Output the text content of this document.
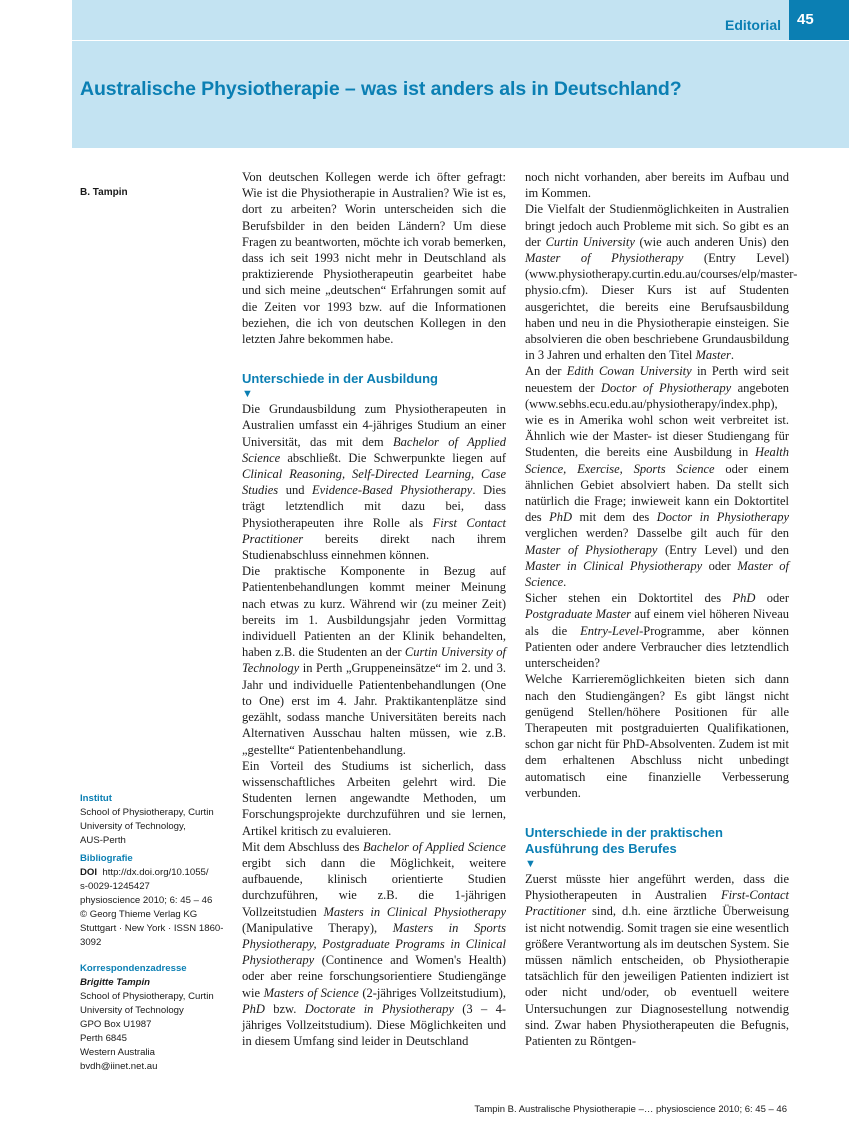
Editorial	45
Australische Physiotherapie – was ist anders als in Deutschland?
B. Tampin
Institut
School of Physiotherapy, Curtin
University of Technology,
AUS-Perth
Bibliografie
DOI http://dx.doi.org/10.1055/
s-0029-1245427
physioscience 2010; 6: 45 – 46
© Georg Thieme Verlag KG
Stuttgart · New York · ISSN 1860-
3092
Korrespondenzadresse
Brigitte Tampin
School of Physiotherapy, Curtin
University of Technology
GPO Box U1987
Perth 6845
Western Australia
bvdh@iinet.net.au

Von deutschen Kollegen werde ich öfter gefragt: Wie ist die Physiotherapie in Australien? Wie ist es, dort zu arbeiten? Worin unterscheiden sich die Berufsbilder in den beiden Ländern? Um diese Fragen zu beantworten, möchte ich vorab bemerken, dass ich seit 1993 nicht mehr in Deutschland als praktizierende Physiotherapeutin gearbeitet habe und sich meine „deutschen“ Erfahrungen somit auf die Zeiten vor 1993 bzw. auf die Informationen beziehen, die ich von deutschen Kollegen in den letzten Jahre bekommen habe.

Unterschiede in der Ausbildung
▼

Die Grundausbildung zum Physiotherapeuten in Australien umfasst ein 4-jähriges Studium an einer Universität, das mit dem Bachelor of Applied Science abschließt. Die Schwerpunkte liegen auf Clinical Reasoning, Self-Directed Learning, Case Studies und Evidence-Based Physiotherapy. Dies trägt letztendlich mit dazu bei, dass Physiotherapeuten ihre Rolle als First Contact Practitioner bereits direkt nach ihrem Studienabschluss einnehmen können.

Die praktische Komponente in Bezug auf Patientenbehandlungen kommt meiner Meinung nach etwas zu kurz. Während wir (zu meiner Zeit) bereits im 1. Ausbildungsjahr jeden Vormittag individuell Patienten an der Klinik behandelten, haben z.B. die Studenten an der Curtin University of Technology in Perth „Gruppeneinsätze“ im 2. und 3. Jahr und individuelle Patientenbehandlungen (One to One) erst im 4. Jahr. Praktikantenplätze sind gezählt, sodass manche Universitäten bereits nach Alternativen Ausschau halten müssen, wie z.B. „gestellte“ Patientenbehandlung.

Ein Vorteil des Studiums ist sicherlich, dass wissenschaftliches Arbeiten gelehrt wird. Die Studenten lernen angewandte Methoden, um Forschungsprojekte durchzuführen und sie lernen, Artikel kritisch zu evaluieren.

Mit dem Abschluss des Bachelor of Applied Science ergibt sich dann die Möglichkeit, weitere aufbauende, klinisch orientierte Studien durchzuführen, wie z.B. die 1-jährigen Vollzeitstudien Masters in Clinical Physiotherapy (Manipulative Therapy), Masters in Sports Physiotherapy, Postgraduate Programs in Clinical Physiotherapy (Continence and Women's Health) oder aber reine forschungsorientiere Studiengänge wie Masters of Science (2-jähriges Vollzeitstudium), PhD bzw. Doctorate in Physiotherapy (3 – 4-jähriges Vollzeitstudium). Diese Möglichkeiten und in diesem Umfang sind leider in Deutschland

noch nicht vorhanden, aber bereits im Aufbau und im Kommen.

Die Vielfalt der Studienmöglichkeiten in Australien bringt jedoch auch Probleme mit sich. So gibt es an der Curtin University (wie auch anderen Unis) den Master of Physiotherapy (Entry Level) (www.physiotherapy.curtin.edu.au/courses/elp/master-physio.cfm). Dieser Kurs ist auf Studenten ausgerichtet, die bereits eine Berufsausbildung haben und neu in die Physiotherapie einsteigen. Sie absolvieren die oben beschriebene Grundausbildung in 3 Jahren und erhalten den Titel Master.

An der Edith Cowan University in Perth wird seit neuestem der Doctor of Physiotherapy angeboten (www.sebhs.ecu.edu.au/physiotherapy/index.php), wie es in Amerika wohl schon weit verbreitet ist. Ähnlich wie der Master- ist dieser Studiengang für Studenten, die bereits eine Ausbildung in Health Science, Exercise, Sports Science oder einem ähnlichen Gebiet absolviert haben. Da stellt sich natürlich die Frage; inwieweit kann ein Doktortitel des PhD mit dem des Doctor in Physiotherapy verglichen werden? Dasselbe gilt auch für den Master of Physiotherapy (Entry Level) und den Master in Clinical Physiotherapy oder Master of Science.

Sicher stehen ein Doktortitel des PhD oder Postgraduate Master auf einem viel höheren Niveau als die Entry-Level-Programme, aber können Patienten oder andere Verbraucher dies letztendlich unterscheiden?

Welche Karrieremöglichkeiten bieten sich dann nach den Studiengängen? Es gibt längst nicht genügend Stellen/höhere Positionen für alle Therapeuten mit postgraduierten Qualifikationen, schon gar nicht für PhD-Absolventen. Zudem ist mit dem erhaltenen Abschluss nicht unbedingt automatisch eine finanzielle Verbesserung verbunden.

Unterschiede in der praktischen
Ausführung des Berufes
▼

Zuerst müsste hier angeführt werden, dass die Physiotherapeuten in Australien First-Contact Practitioner sind, d.h. eine ärztliche Überweisung ist nicht notwendig. Somit tragen sie eine wesentlich größere Verantwortung als im deutschen System. Sie müssen nämlich entscheiden, ob Physiotherapie tatsächlich für den jeweiligen Patienten indiziert ist oder nicht und/oder, ob eventuell weitere Untersuchungen zur Diagnosestellung notwendig sind. Zwar haben Physiotherapeuten die Befugnis, Patienten zu Röntgen-

Tampin B. Australische Physiotherapie –… physioscience 2010; 6: 45 – 46
